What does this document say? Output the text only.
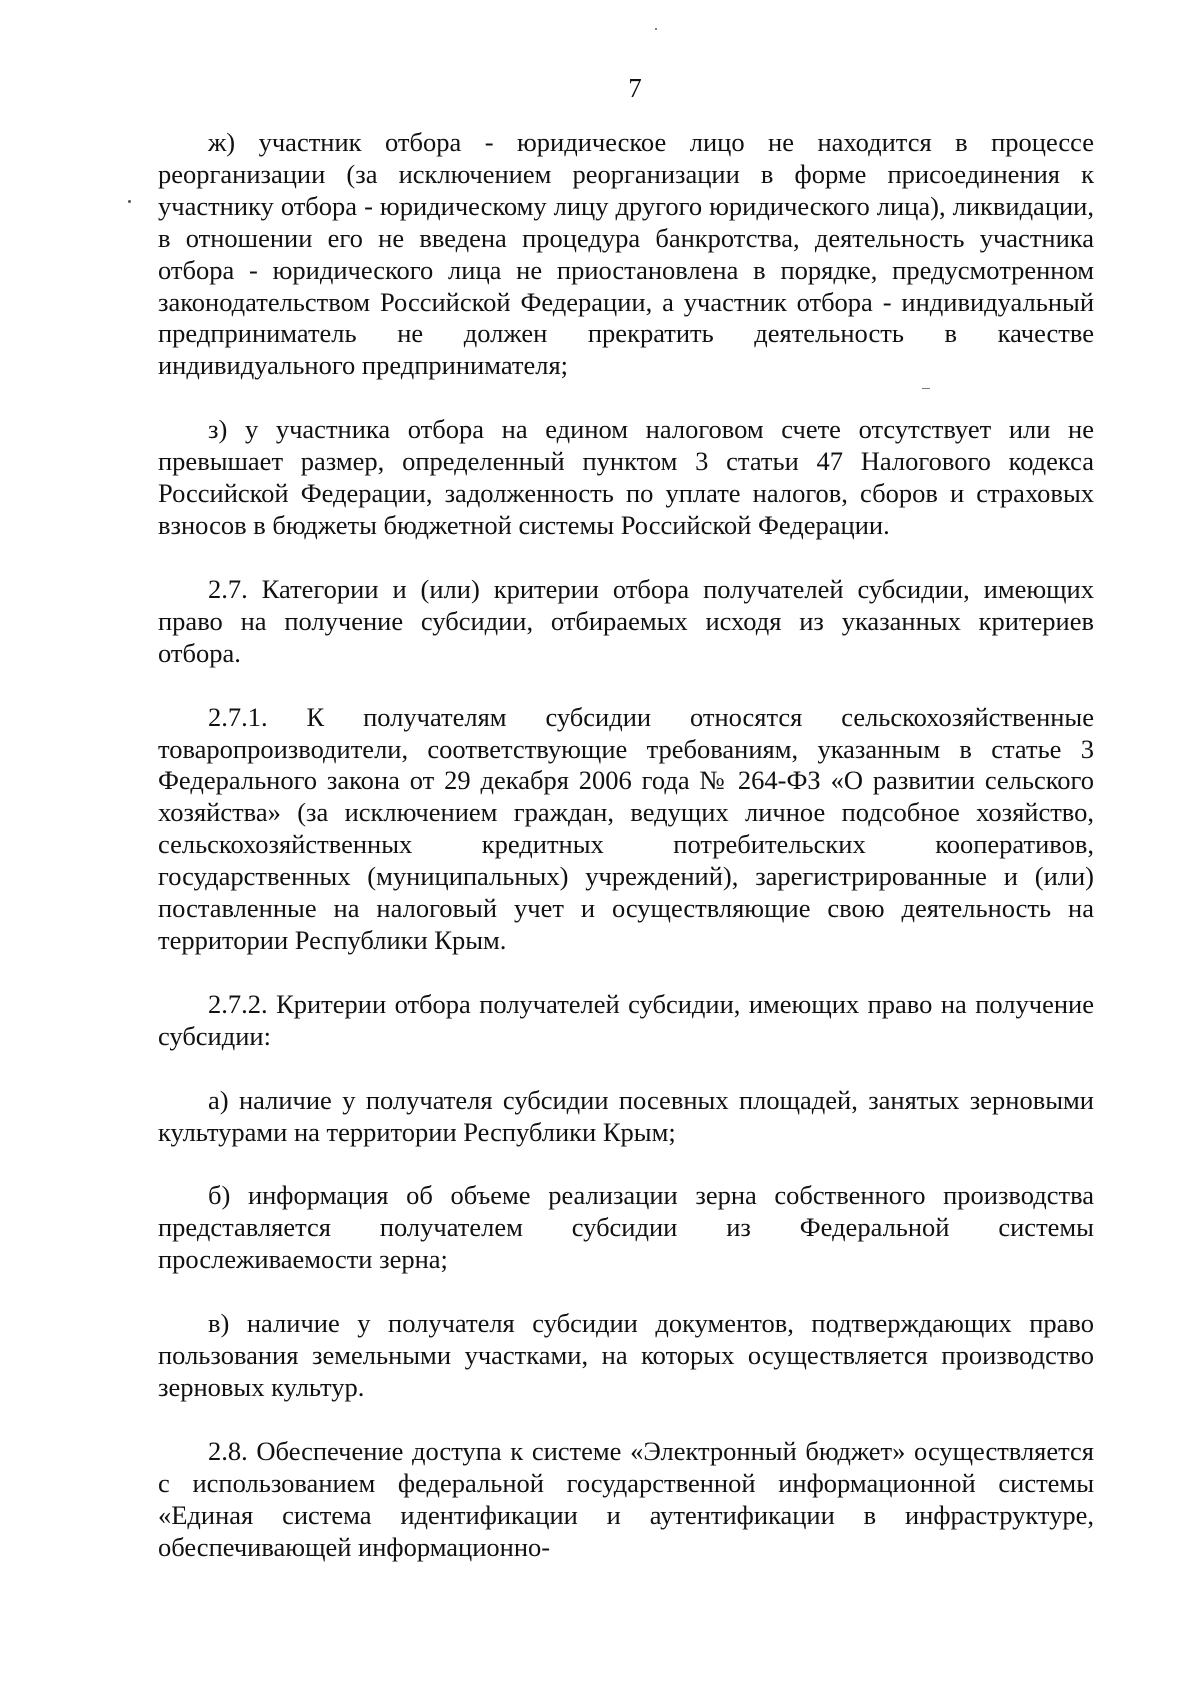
7

ж) участник отбора - юридическое лицо не находится в процессе реорганизации (за исключением реорганизации в форме присоединения к участнику отбора - юридическому лицу другого юридического лица), ликвидации, в отношении его не введена процедура банкротства, деятельность участника отбора - юридического лица не приостановлена в порядке, предусмотренном законодательством Российской Федерации, а участник отбора - индивидуальный предприниматель не должен прекратить деятельность в качестве индивидуального предпринимателя;

з) у участника отбора на едином налоговом счете отсутствует или не превышает размер, определенный пунктом 3 статьи 47 Налогового кодекса Российской Федерации, задолженность по уплате налогов, сборов и страховых взносов в бюджеты бюджетной системы Российской Федерации.

2.7. Категории и (или) критерии отбора получателей субсидии, имеющих право на получение субсидии, отбираемых исходя из указанных критериев отбора.

2.7.1. К получателям субсидии относятся сельскохозяйственные товаропроизводители, соответствующие требованиям, указанным в статье 3 Федерального закона от 29 декабря 2006 года № 264-ФЗ «О развитии сельского хозяйства» (за исключением граждан, ведущих личное подсобное хозяйство, сельскохозяйственных кредитных потребительских кооперативов, государственных (муниципальных) учреждений), зарегистрированные и (или) поставленные на налоговый учет и осуществляющие свою деятельность на территории Республики Крым.

2.7.2. Критерии отбора получателей субсидии, имеющих право на получение субсидии:

а) наличие у получателя субсидии посевных площадей, занятых зерновыми культурами на территории Республики Крым;

б) информация об объеме реализации зерна собственного производства представляется получателем субсидии из Федеральной системы прослеживаемости зерна;

в) наличие у получателя субсидии документов, подтверждающих право пользования земельными участками, на которых осуществляется производство зерновых культур.

2.8. Обеспечение доступа к системе «Электронный бюджет» осуществляется с использованием федеральной государственной информационной системы «Единая система идентификации и аутентификации в инфраструктуре, обеспечивающей информационно-
